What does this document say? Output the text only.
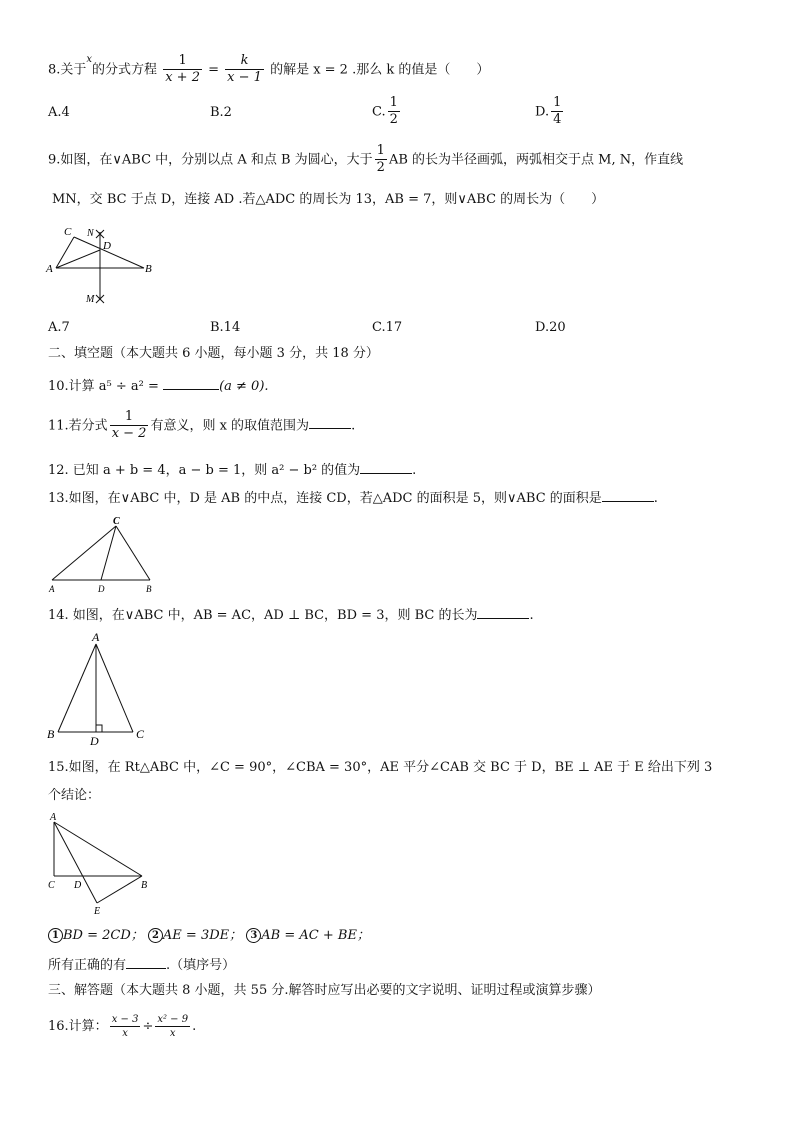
8.关于$^x$的分式方程 $\frac{1}{x + 2} = \frac{k}{x - 1}$ 的解是 x = 2 .那么 k 的值是（　　）
A.4	B.2	C. $\frac{1}{2}$	D. $\frac{1}{4}$
9.如图，在∨ABC 中，分别以点 A 和点 B 为圆心，大于 $\frac{1}{2}$ AB 的长为半径画弧，两弧相交于点 M, N，作直线
MN，交 BC 于点 D，连接 AD .若△ADC 的周长为 13，AB = 7，则∨ABC 的周长为（　　）
C N
D
A	B
M
A.7	B.14	C.17	D.20
二、填空题（本大题共 6 小题，每小题 3 分，共 18 分）
10.计算 a⁵ ÷ a² =	(a ≠ 0).
11.若分式 $\frac{1}{x - 2}$ 有意义，则 x 的取值范围为	.
12. 已知 a + b = 4，a − b = 1，则 a² − b² 的值为	.
13.如图，在∨ABC 中，D 是 AB 的中点，连接 CD，若△ADC 的面积是 5，则∨ABC 的面积是	.
C
A	D	B
14. 如图，在∨ABC 中，AB = AC，AD ⊥ BC，BD = 3，则 BC 的长为	.
A
B	D	C
15.如图，在 Rt△ABC 中，∠C = 90°，∠CBA = 30°，AE 平分∠CAB 交 BC 于 D，BE ⊥ AE 于 E 给出下列 3
个结论：
A
C D	B
E
1 BD = 2CD； 2 AE = 3DE； 3 AB = AC + BE；
所有正确的有	.（填序号）
三、解答题（本大题共 8 小题，共 55 分.解答时应写出必要的文字说明、证明过程或演算步骤）
16.计算： $\frac{x - 3}{x} \div \frac{\text{x² − 9}}{x}$ .
